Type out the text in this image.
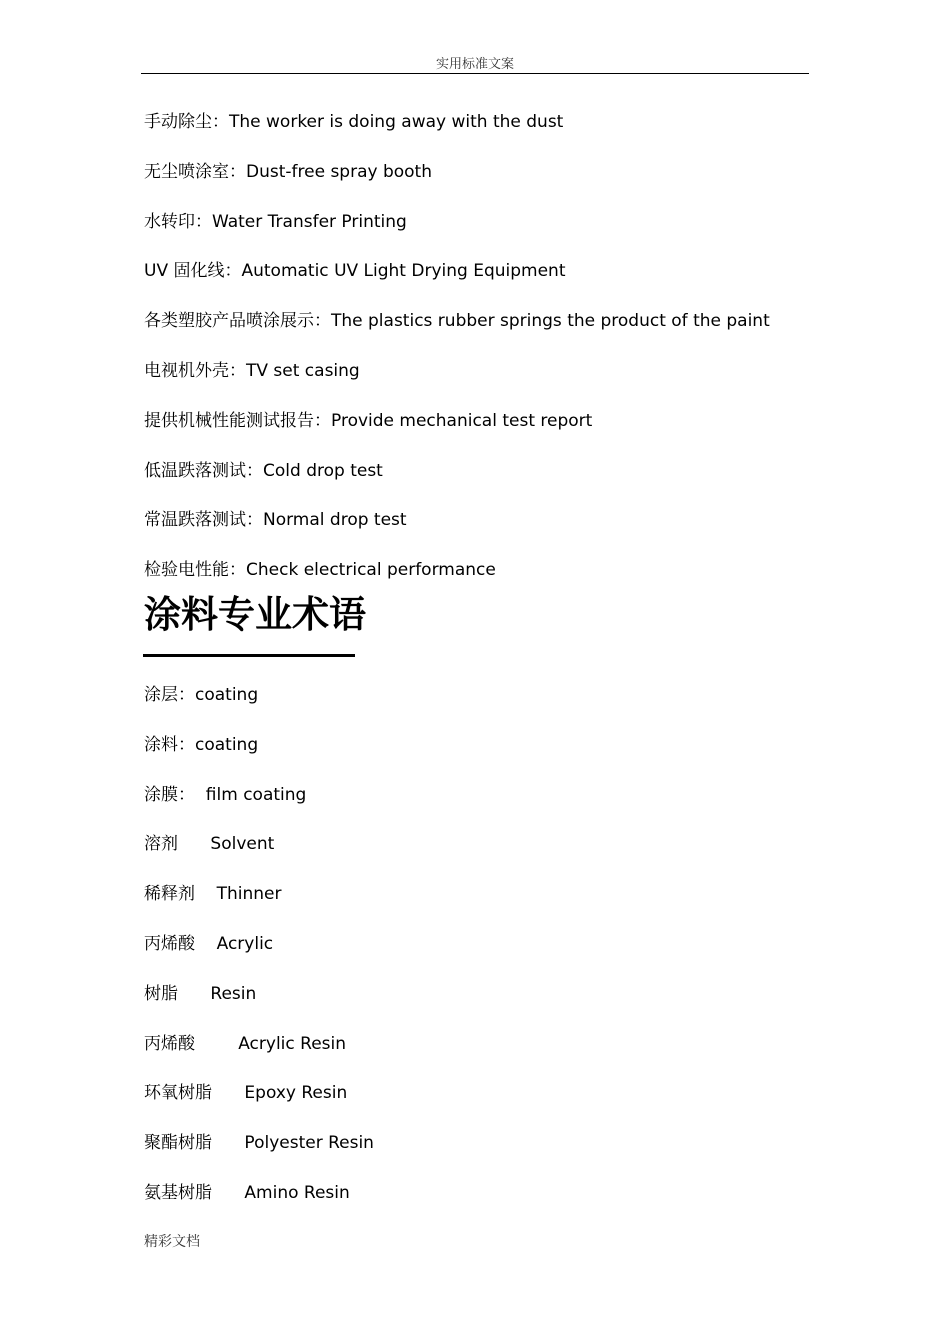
实用标准文案
手动除尘：The worker is doing away with the dust
无尘喷涂室：Dust-free spray booth
水转印：Water Transfer Printing
UV 固化线：Automatic UV Light Drying Equipment
各类塑胶产品喷涂展示：The plastics rubber springs the product of the paint
电视机外壳：TV set casing
提供机械性能测试报告：Provide mechanical test report
低温跌落测试：Cold drop test
常温跌落测试：Normal drop test
检验电性能：Check electrical performance
涂料专业术语
涂层：coating
涂料：coating
涂膜：  film coating
溶剂      Solvent
稀释剂    Thinner
丙烯酸    Acrylic
树脂      Resin
丙烯酸        Acrylic Resin
环氧树脂      Epoxy Resin
聚酯树脂      Polyester Resin
氨基树脂      Amino Resin
精彩文档
